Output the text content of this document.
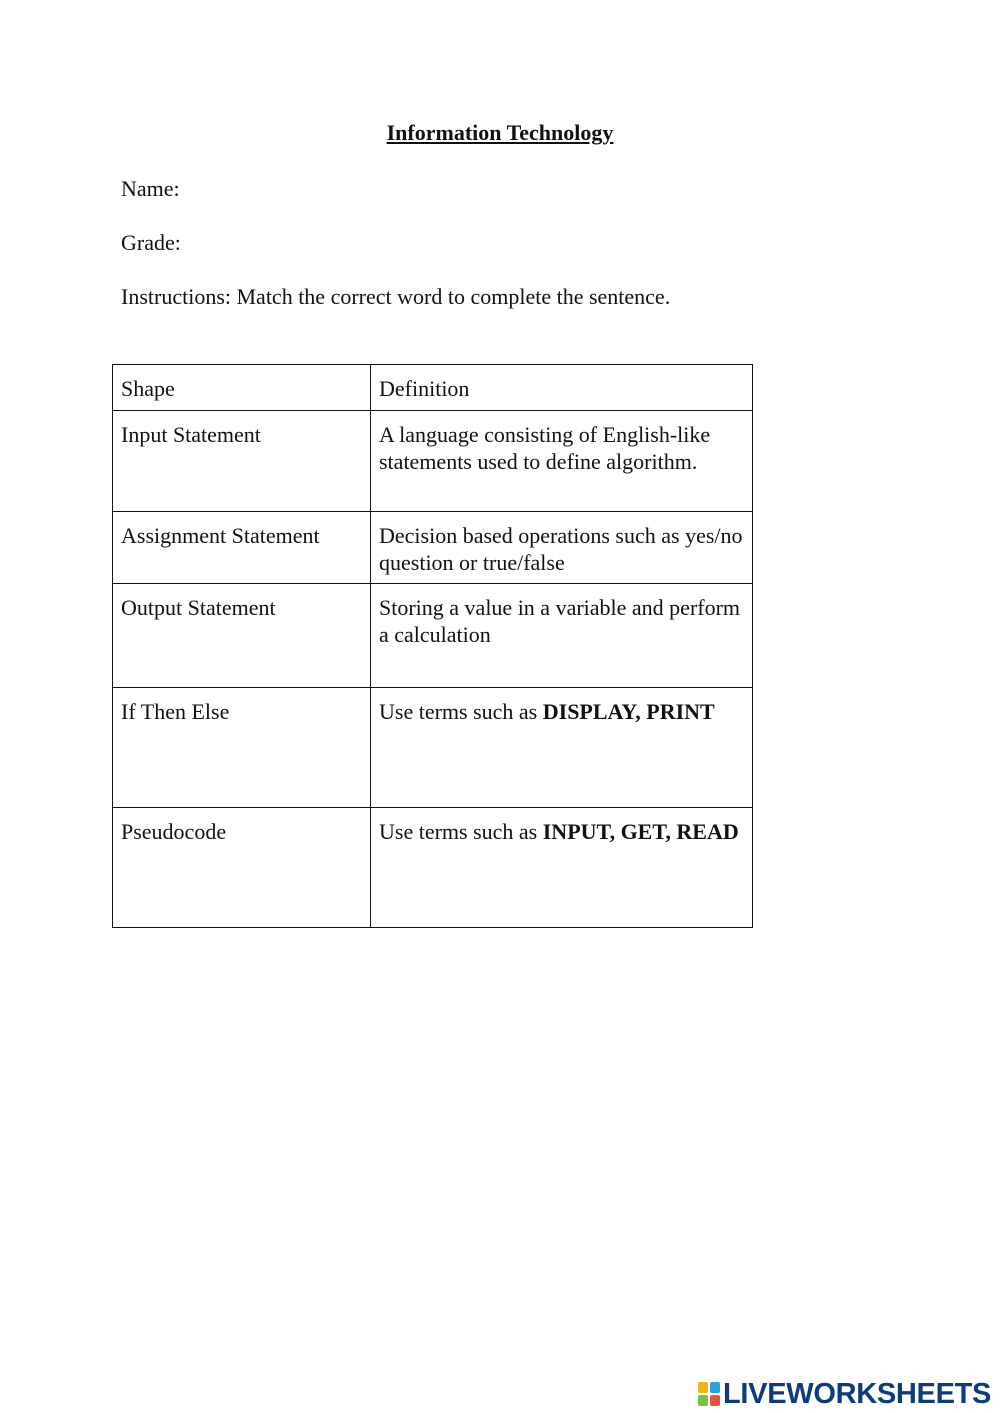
Information Technology

Name:

Grade:

Instructions: Match the correct word to complete the sentence.

Shape	Definition
Input Statement	A language consisting of English-like statements used to define algorithm.
Assignment Statement	Decision based operations such as yes/no question or true/false
Output Statement	Storing a value in a variable and perform a calculation
If Then Else	Use terms such as DISPLAY, PRINT
Pseudocode	Use terms such as INPUT, GET, READ
LIVEWORKSHEETS
